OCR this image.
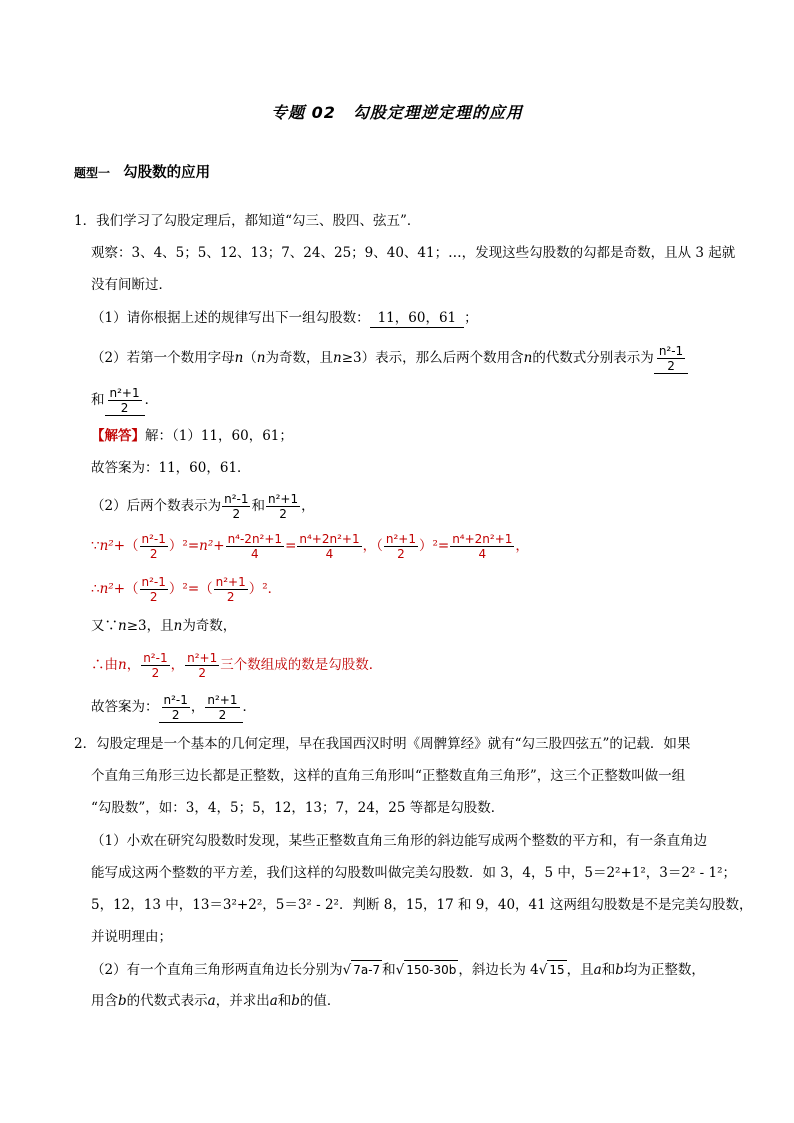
专题 02　勾股定理逆定理的应用
题型一 勾股数的应用
1．我们学习了勾股定理后，都知道“勾三、股四、弦五”．
观察：3、4、5；5、12、13；7、24、25；9、40、41；…，发现这些勾股数的勾都是奇数，且从 3 起就
没有间断过．
（1）请你根据上述的规律写出下一组勾股数： 11，60，61 ；
（2）若第一个数用字母n（n为奇数，且n≥3）表示，那么后两个数用含n的代数式分别表示为 $\frac{\text{n²-1}}{2}$
和 $\frac{\text{n²+1}}{2}$ ．
【解答】解：（1）11，60，61；
故答案为：11，60，61．
（2）后两个数表示为 $\frac{\text{n²-1}}{2}$ 和 $\frac{\text{n²+1}}{2}$ ，
∵n²+（ $\frac{\text{n²-1}}{2} )^2=n^2+ \frac{\text{n⁴-2n²+1}}{4} = \frac{\text{n⁴+2n²+1}}{4}$ ，（ $\frac{\text{n²+1}}{2} )^2= \frac{\text{n⁴+2n²+1}}{4}$ ，
∴n²+（ $\frac{\text{n²-1}}{2} )^2=( \frac{\text{n²+1}}{2} )^2$．
又∵n≥3，且n为奇数，
∴由n， $\frac{\text{n²-1}}{2}$ ， $\frac{\text{n²+1}}{2}$ 三个数组成的数是勾股数．
故答案为： $\frac{\text{n²-1}}{2}$ ， $\frac{\text{n²+1}}{2}$ ．
2．勾股定理是一个基本的几何定理，早在我国西汉时明《周髀算经》就有“勾三股四弦五”的记载．如果
个直角三角形三边长都是正整数，这样的直角三角形叫“正整数直角三角形”，这三个正整数叫做一组
“勾股数”，如：3，4，5；5，12，13；7，24，25 等都是勾股数．
（1）小欢在研究勾股数时发现，某些正整数直角三角形的斜边能写成两个整数的平方和，有一条直角边
能写成这两个整数的平方差，我们这样的勾股数叫做完美勾股数．如 3，4，5 中，5＝2²+1²，3＝2² - 1²；
5，12，13 中，13＝3²+2²，5＝3² - 2²．判断 8，15，17 和 9，40，41 这两组勾股数是不是完美勾股数，
并说明理由；
（2）有一个直角三角形两直角边长分别为√ 7a-7 和√ 150-30b ，斜边长为 4√ 15 ，且a和b均为正整数，
用含b的代数式表示a，并求出a和b的值．
